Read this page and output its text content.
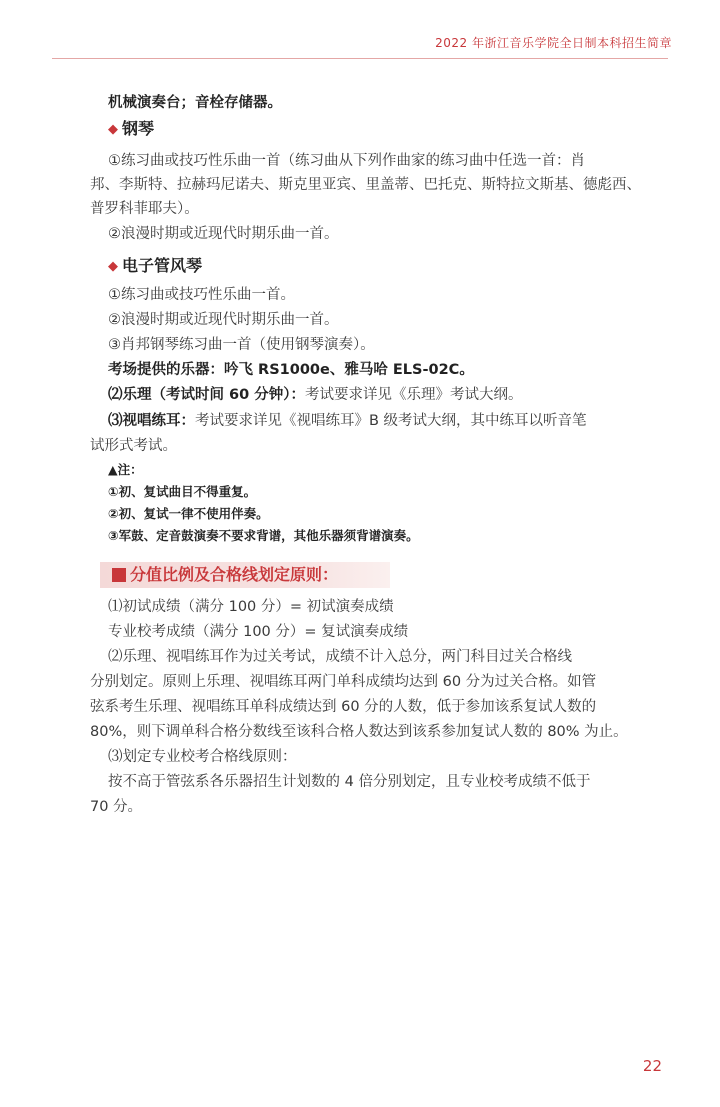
2022 年浙江音乐学院全日制本科招生简章
机械演奏台；音栓存储器。
◆ 钢琴
①练习曲或技巧性乐曲一首（练习曲从下列作曲家的练习曲中任选一首：肖
邦、李斯特、拉赫玛尼诺夫、斯克里亚宾、里盖蒂、巴托克、斯特拉文斯基、德彪西、
普罗科菲耶夫）。
②浪漫时期或近现代时期乐曲一首。
◆ 电子管风琴
①练习曲或技巧性乐曲一首。
②浪漫时期或近现代时期乐曲一首。
③肖邦钢琴练习曲一首（使用钢琴演奏）。
考场提供的乐器：吟飞 RS1000e、雅马哈 ELS-02C。
⑵乐理（考试时间 60 分钟）：考试要求详见《乐理》考试大纲。
⑶视唱练耳：考试要求详见《视唱练耳》B 级考试大纲，其中练耳以听音笔
试形式考试。
▲注：
①初、复试曲目不得重复。
②初、复试一律不使用伴奏。
③军鼓、定音鼓演奏不要求背谱，其他乐器须背谱演奏。
分值比例及合格线划定原则：
⑴初试成绩（满分 100 分）= 初试演奏成绩
专业校考成绩（满分 100 分）= 复试演奏成绩
⑵乐理、视唱练耳作为过关考试，成绩不计入总分，两门科目过关合格线
分别划定。原则上乐理、视唱练耳两门单科成绩均达到 60 分为过关合格。如管
弦系考生乐理、视唱练耳单科成绩达到 60 分的人数，低于参加该系复试人数的
80%，则下调单科合格分数线至该科合格人数达到该系参加复试人数的 80% 为止。
⑶划定专业校考合格线原则：
按不高于管弦系各乐器招生计划数的 4 倍分别划定，且专业校考成绩不低于
70 分。
22
